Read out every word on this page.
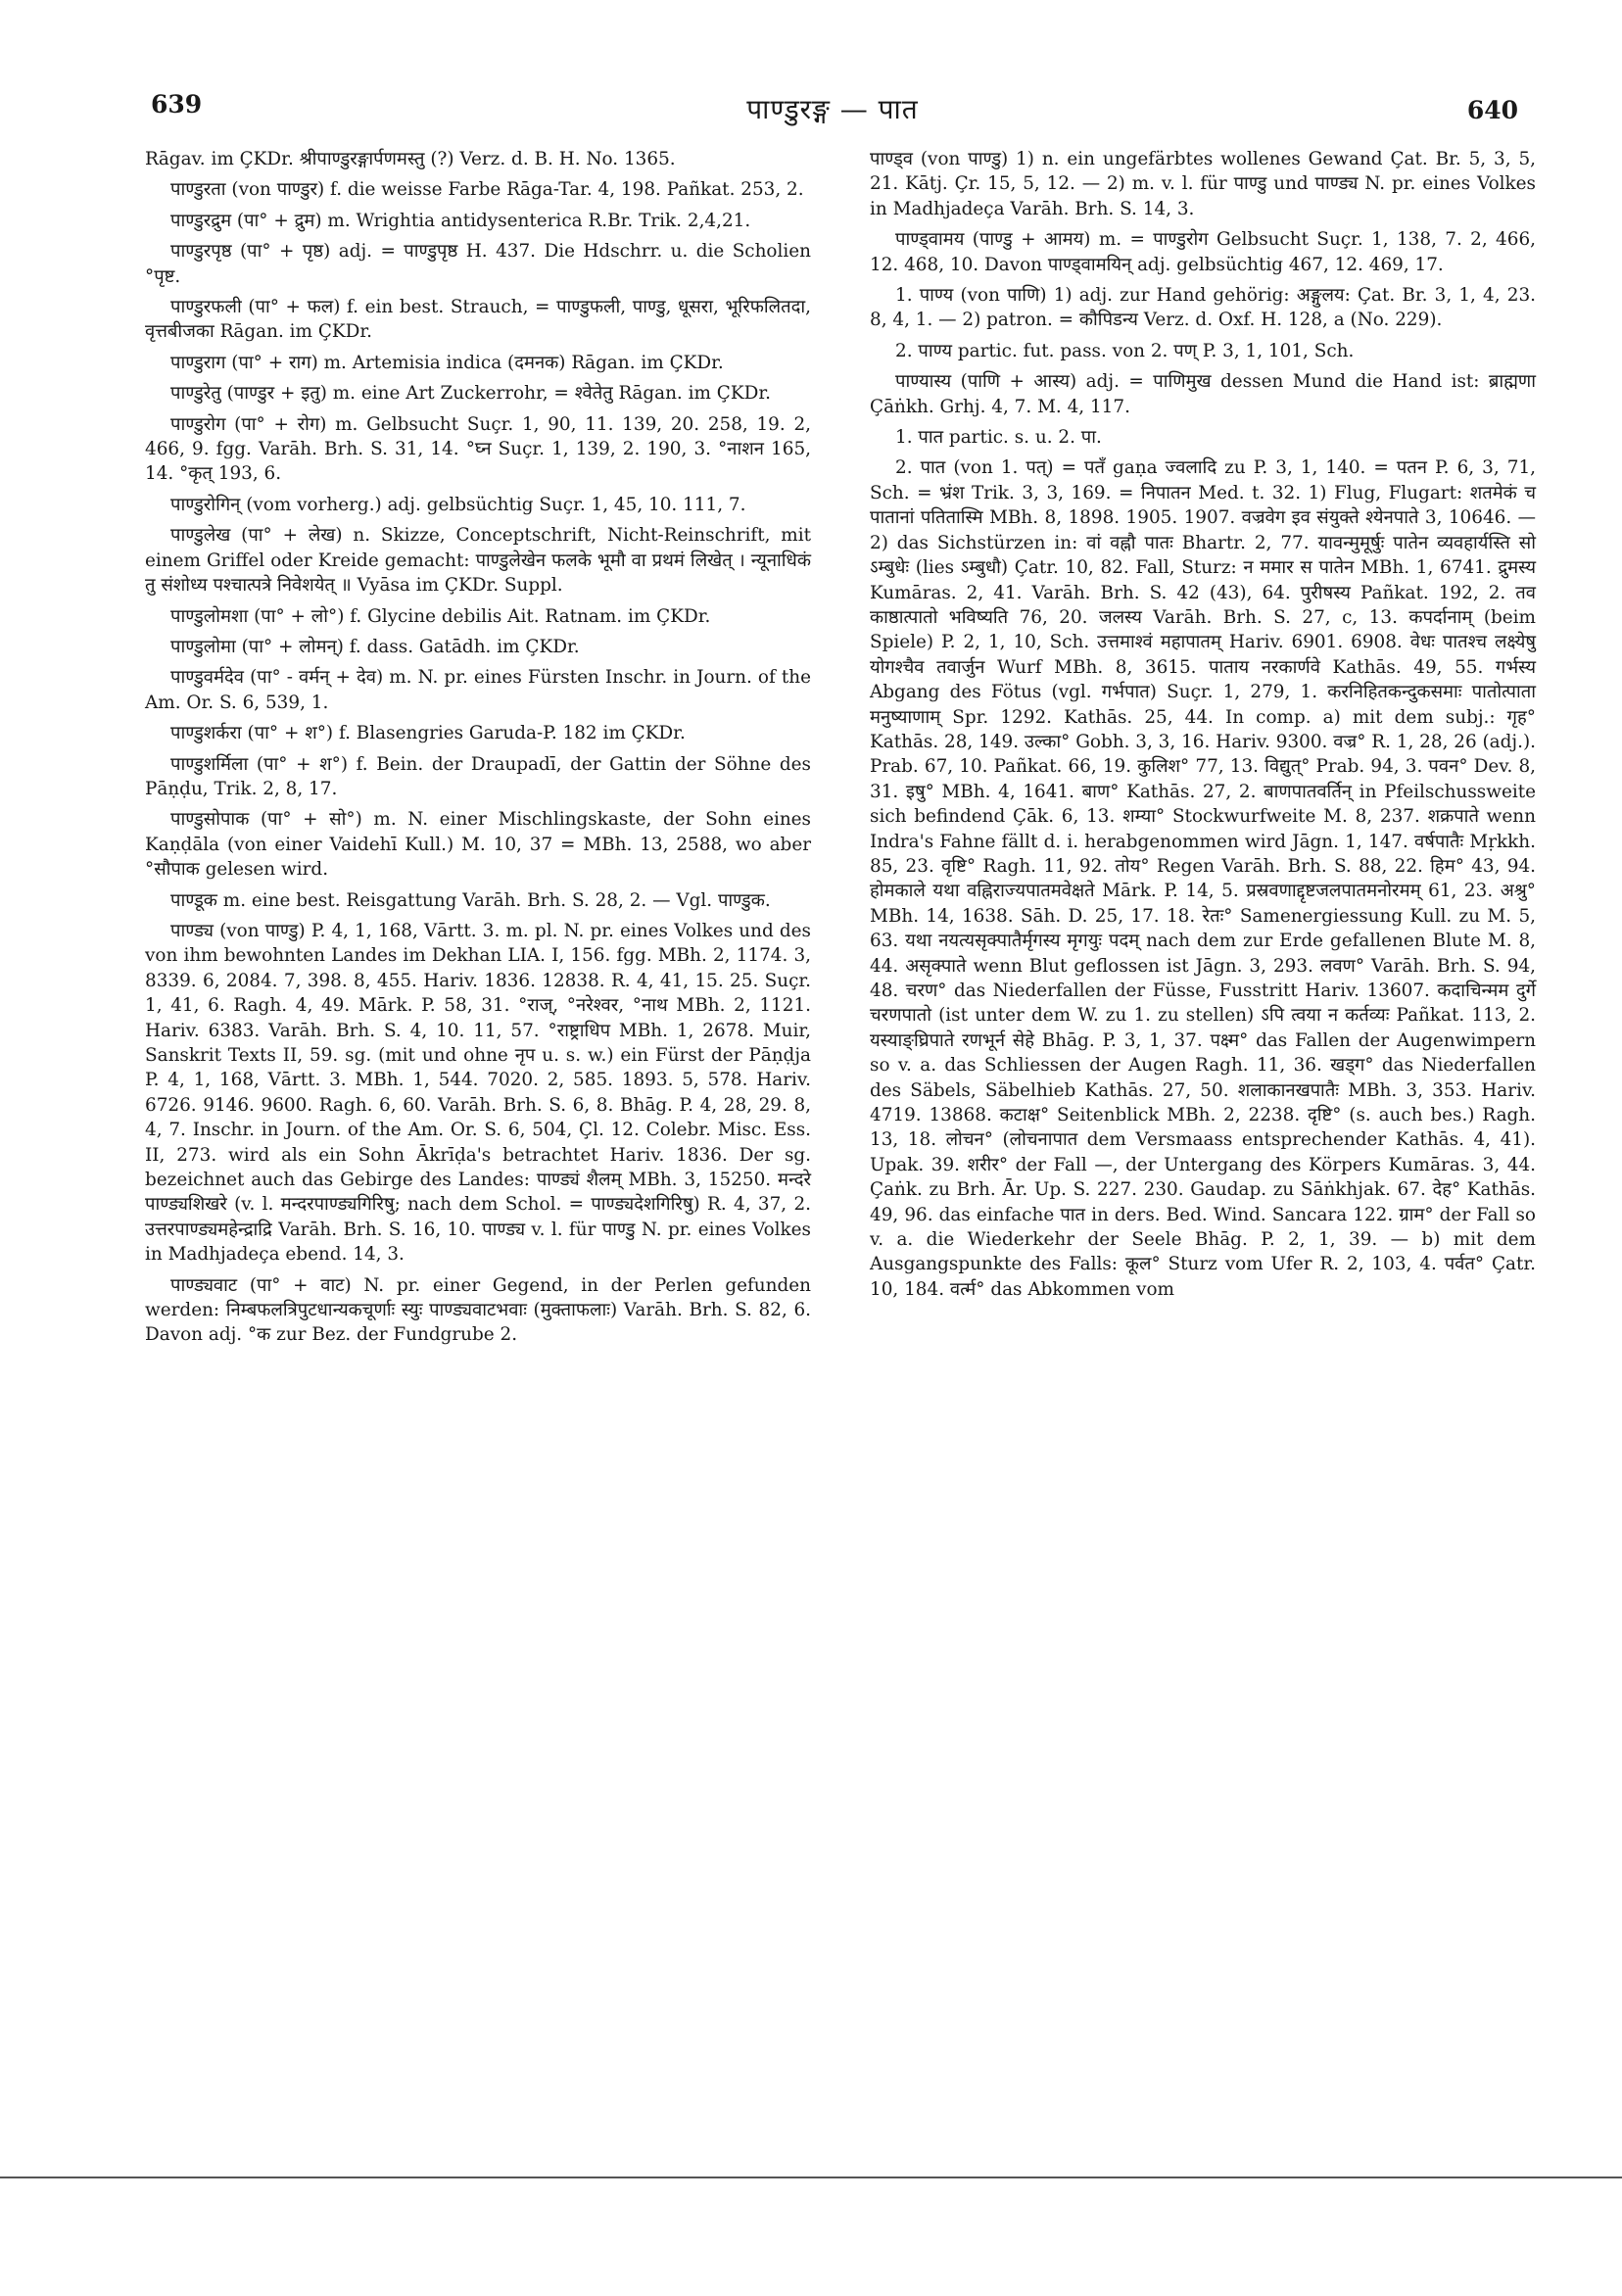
639	पाण्डुरङ्ग — पात	640

Rāgav. im ÇKDr. श्रीपाण्डुरङ्गार्पणमस्तु (?) Verz. d. B. H. No. 1365.

पाण्डुरता (von पाण्डुर) f. die weisse Farbe Rāga-Tar. 4, 198. Pañkat. 253, 2.

पाण्डुरद्रुम (पा° + द्रुम) m. Wrightia antidysenterica R.Br. Trik. 2,4,21.

पाण्डुरपृष्ठ (पा° + पृष्ठ) adj. = पाण्डुपृष्ठ H. 437. Die Hdschrr. u. die Scholien °पृष्ट.

पाण्डुरफली (पा° + फल) f. ein best. Strauch, = पाण्डुफली, पाण्डु, धूसरा, भूरिफलितदा, वृत्तबीजका Rāgan. im ÇKDr.

पाण्डुराग (पा° + राग) m. Artemisia indica (दमनक) Rāgan. im ÇKDr.

पाण्डुरेतु (पाण्डुर + इतु) m. eine Art Zuckerrohr, = श्वेतेतु Rāgan. im ÇKDr.

पाण्डुरोग (पा° + रोग) m. Gelbsucht Suçr. 1, 90, 11. 139, 20. 258, 19. 2, 466, 9. fgg. Varāh. Brh. S. 31, 14. °घ्न Suçr. 1, 139, 2. 190, 3. °नाशन 165, 14. °कृत् 193, 6.

पाण्डुरोगिन् (vom vorherg.) adj. gelbsüchtig Suçr. 1, 45, 10. 111, 7.

पाण्डुलेख (पा° + लेख) n. Skizze, Conceptschrift, Nicht-Reinschrift, mit einem Griffel oder Kreide gemacht: पाण्डुलेखेन फलके भूमौ वा प्रथमं लिखेत् । न्यूनाधिकं तु संशोध्य पश्चात्पत्रे निवेशयेत् ॥ Vyāsa im ÇKDr. Suppl.

पाण्डुलोमशा (पा° + लो°) f. Glycine debilis Ait. Ratnam. im ÇKDr.

पाण्डुलोमा (पा° + लोमन्) f. dass. Gatādh. im ÇKDr.

पाण्डुवर्मदेव (पा° - वर्मन् + देव) m. N. pr. eines Fürsten Inschr. in Journ. of the Am. Or. S. 6, 539, 1.

पाण्डुशर्करा (पा° + श°) f. Blasengries Garuda-P. 182 im ÇKDr.

पाण्डुशर्मिला (पा° + श°) f. Bein. der Draupadī, der Gattin der Söhne des Pāṇḍu, Trik. 2, 8, 17.

पाण्डुसोपाक (पा° + सो°) m. N. einer Mischlingskaste, der Sohn eines Kaṇḍāla (von einer Vaidehī Kull.) M. 10, 37 = MBh. 13, 2588, wo aber °सौपाक gelesen wird.

पाण्डूक m. eine best. Reisgattung Varāh. Brh. S. 28, 2. — Vgl. पाण्डुक.

पाण्ड्य (von पाण्डु) P. 4, 1, 168, Vārtt. 3. m. pl. N. pr. eines Volkes und des von ihm bewohnten Landes im Dekhan LIA. I, 156. fgg. MBh. 2, 1174. 3, 8339. 6, 2084. 7, 398. 8, 455. Hariv. 1836. 12838. R. 4, 41, 15. 25. Suçr. 1, 41, 6. Ragh. 4, 49. Mārk. P. 58, 31. °राज्, °नरेश्वर, °नाथ MBh. 2, 1121. Hariv. 6383. Varāh. Brh. S. 4, 10. 11, 57. °राष्ट्राधिप MBh. 1, 2678. Muir, Sanskrit Texts II, 59. sg. (mit und ohne नृप u. s. w.) ein Fürst der Pāṇḍja P. 4, 1, 168, Vārtt. 3. MBh. 1, 544. 7020. 2, 585. 1893. 5, 578. Hariv. 6726. 9146. 9600. Ragh. 6, 60. Varāh. Brh. S. 6, 8. Bhāg. P. 4, 28, 29. 8, 4, 7. Inschr. in Journ. of the Am. Or. S. 6, 504, Çl. 12. Colebr. Misc. Ess. II, 273. wird als ein Sohn Ākrīḍa's betrachtet Hariv. 1836. Der sg. bezeichnet auch das Gebirge des Landes: पाण्ड्यं शैलम् MBh. 3, 15250. मन्दरे पाण्ड्यशिखरे (v. l. मन्दरपाण्ड्यगिरिषु; nach dem Schol. = पाण्ड्यदेशगिरिषु) R. 4, 37, 2. उत्तरपाण्ड्यमहेन्द्राद्रि Varāh. Brh. S. 16, 10. पाण्ड्य v. l. für पाण्डु N. pr. eines Volkes in Madhjadeça ebend. 14, 3.

पाण्ड्यवाट (पा° + वाट) N. pr. einer Gegend, in der Perlen gefunden werden: निम्बफलत्रिपुटधान्यकचूर्णाः स्युः पाण्ड्यवाटभवाः (मुक्ताफलाः) Varāh. Brh. S. 82, 6. Davon adj. °क zur Bez. der Fundgrube 2.

पाण्ड्व (von पाण्डु) 1) n. ein ungefärbtes wollenes Gewand Çat. Br. 5, 3, 5, 21. Kātj. Çr. 15, 5, 12. — 2) m. v. l. für पाण्डु und पाण्ड्य N. pr. eines Volkes in Madhjadeça Varāh. Brh. S. 14, 3.

पाण्ड्वामय (पाण्डु + आमय) m. = पाण्डुरोग Gelbsucht Suçr. 1, 138, 7. 2, 466, 12. 468, 10. Davon पाण्ड्वामयिन् adj. gelbsüchtig 467, 12. 469, 17.

1. पाण्य (von पाणि) 1) adj. zur Hand gehörig: अङ्गुलय: Çat. Br. 3, 1, 4, 23. 8, 4, 1. — 2) patron. = कौपिडन्य Verz. d. Oxf. H. 128, a (No. 229).

2. पाण्य partic. fut. pass. von 2. पण् P. 3, 1, 101, Sch.

पाण्यास्य (पाणि + आस्य) adj. = पाणिमुख dessen Mund die Hand ist: ब्राह्मणा Çāṅkh. Grhj. 4, 7. M. 4, 117.

1. पात partic. s. u. 2. पा.

2. पात (von 1. पत्) = पतँ gaṇa ज्वलादि zu P. 3, 1, 140. = पतन P. 6, 3, 71, Sch. = भ्रंश Trik. 3, 3, 169. = निपातन Med. t. 32. 1) Flug, Flugart: शतमेकं च पातानां पतितास्मि MBh. 8, 1898. 1905. 1907. वज्रवेग इव संयुक्ते श्येनपाते 3, 10646. — 2) das Sichstürzen in: वां वह्नौ पातः Bhartr. 2, 77. यावन्मुमूर्षुः पातेन व्यवहार्यस्ति सो ऽम्बुधेः (lies ऽम्बुधौ) Çatr. 10, 82. Fall, Sturz: न ममार स पातेन MBh. 1, 6741. द्रुमस्य Kumāras. 2, 41. Varāh. Brh. S. 42 (43), 64. पुरीषस्य Pañkat. 192, 2. तव काष्ठात्पातो भविष्यति 76, 20. जलस्य Varāh. Brh. S. 27, c, 13. कपर्दानाम् (beim Spiele) P. 2, 1, 10, Sch. उत्तमाश्वं महापातम् Hariv. 6901. 6908. वेधः पातश्च लक्ष्येषु योगश्चैव तवार्जुन Wurf MBh. 8, 3615. पाताय नरकार्णवे Kathās. 49, 55. गर्भस्य Abgang des Fötus (vgl. गर्भपात) Suçr. 1, 279, 1. करनिहितकन्दुकसमाः पातोत्पाता मनुष्याणाम् Spr. 1292. Kathās. 25, 44. In comp. a) mit dem subj.: गृह° Kathās. 28, 149. उल्का° Gobh. 3, 3, 16. Hariv. 9300. वज्र° R. 1, 28, 26 (adj.). Prab. 67, 10. Pañkat. 66, 19. कुलिश° 77, 13. विद्युत्° Prab. 94, 3. पवन° Dev. 8, 31. इषु° MBh. 4, 1641. बाण° Kathās. 27, 2. बाणपातवर्तिन् in Pfeilschussweite sich befindend Çāk. 6, 13. शम्या° Stockwurfweite M. 8, 237. शक्रपाते wenn Indra's Fahne fällt d. i. herabgenommen wird Jāgn. 1, 147. वर्षपातैः Mṛkkh. 85, 23. वृष्टि° Ragh. 11, 92. तोय° Regen Varāh. Brh. S. 88, 22. हिम° 43, 94. होमकाले यथा वह्निराज्यपातमवेक्षते Mārk. P. 14, 5. प्रस्रवणाद्दृष्टजलपातमनोरमम् 61, 23. अश्रु° MBh. 14, 1638. Sāh. D. 25, 17. 18. रेतः° Samenergiessung Kull. zu M. 5, 63. यथा नयत्यसृक्पातैर्मृगस्य मृगयुः पदम् nach dem zur Erde gefallenen Blute M. 8, 44. असृक्पाते wenn Blut geflossen ist Jāgn. 3, 293. लवण° Varāh. Brh. S. 94, 48. चरण° das Niederfallen der Füsse, Fusstritt Hariv. 13607. कदाचिन्मम दुर्गे चरणपातो (ist unter dem W. zu 1. zu stellen) ऽपि त्वया न कर्तव्यः Pañkat. 113, 2. यस्याङ्घ्रिपाते रणभूर्न सेहे Bhāg. P. 3, 1, 37. पक्ष्म° das Fallen der Augenwimpern so v. a. das Schliessen der Augen Ragh. 11, 36. खड्ग° das Niederfallen des Säbels, Säbelhieb Kathās. 27, 50. शलाकानखपातैः MBh. 3, 353. Hariv. 4719. 13868. कटाक्ष° Seitenblick MBh. 2, 2238. दृष्टि° (s. auch bes.) Ragh. 13, 18. लोचन° (लोचनापात dem Versmaass entsprechender Kathās. 4, 41). Upak. 39. शरीर° der Fall —, der Untergang des Körpers Kumāras. 3, 44. Çaṅk. zu Brh. Ār. Up. S. 227. 230. Gaudap. zu Sāṅkhjak. 67. देह° Kathās. 49, 96. das einfache पात in ders. Bed. Wind. Sancara 122. ग्राम° der Fall so v. a. die Wiederkehr der Seele Bhāg. P. 2, 1, 39. — b) mit dem Ausgangspunkte des Falls: कूल° Sturz vom Ufer R. 2, 103, 4. पर्वत° Çatr. 10, 184. वर्त्म° das Abkommen vom
